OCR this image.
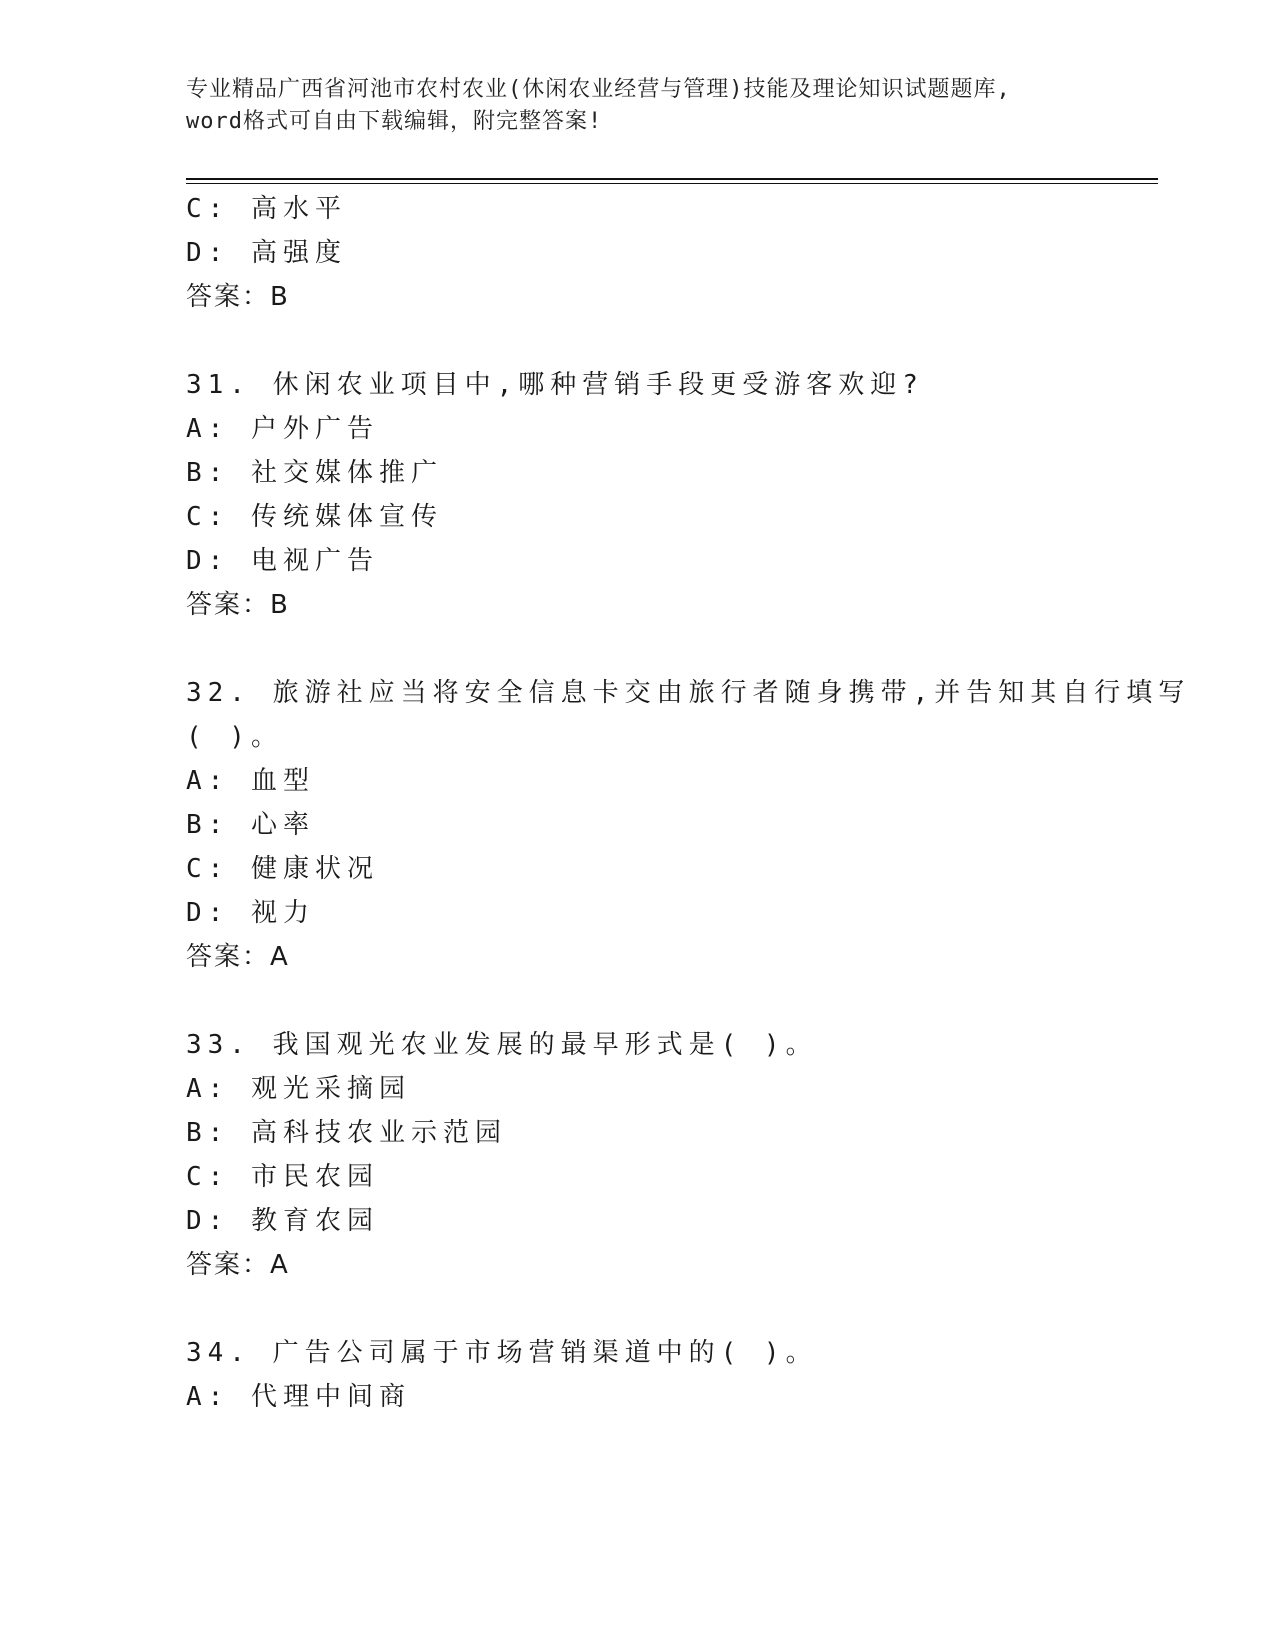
专业精品广西省河池市农村农业(休闲农业经营与管理)技能及理论知识试题题库,
word格式可自由下载编辑，附完整答案!
C: 高水平
D: 高强度
答案：B
31. 休闲农业项目中,哪种营销手段更受游客欢迎?
A: 户外广告
B: 社交媒体推广
C: 传统媒体宣传
D: 电视广告
答案：B
32. 旅游社应当将安全信息卡交由旅行者随身携带,并告知其自行填写
( )。
A: 血型
B: 心率
C: 健康状况
D: 视力
答案：A
33. 我国观光农业发展的最早形式是( )。
A: 观光采摘园
B: 高科技农业示范园
C: 市民农园
D: 教育农园
答案：A
34. 广告公司属于市场营销渠道中的( )。
A: 代理中间商
